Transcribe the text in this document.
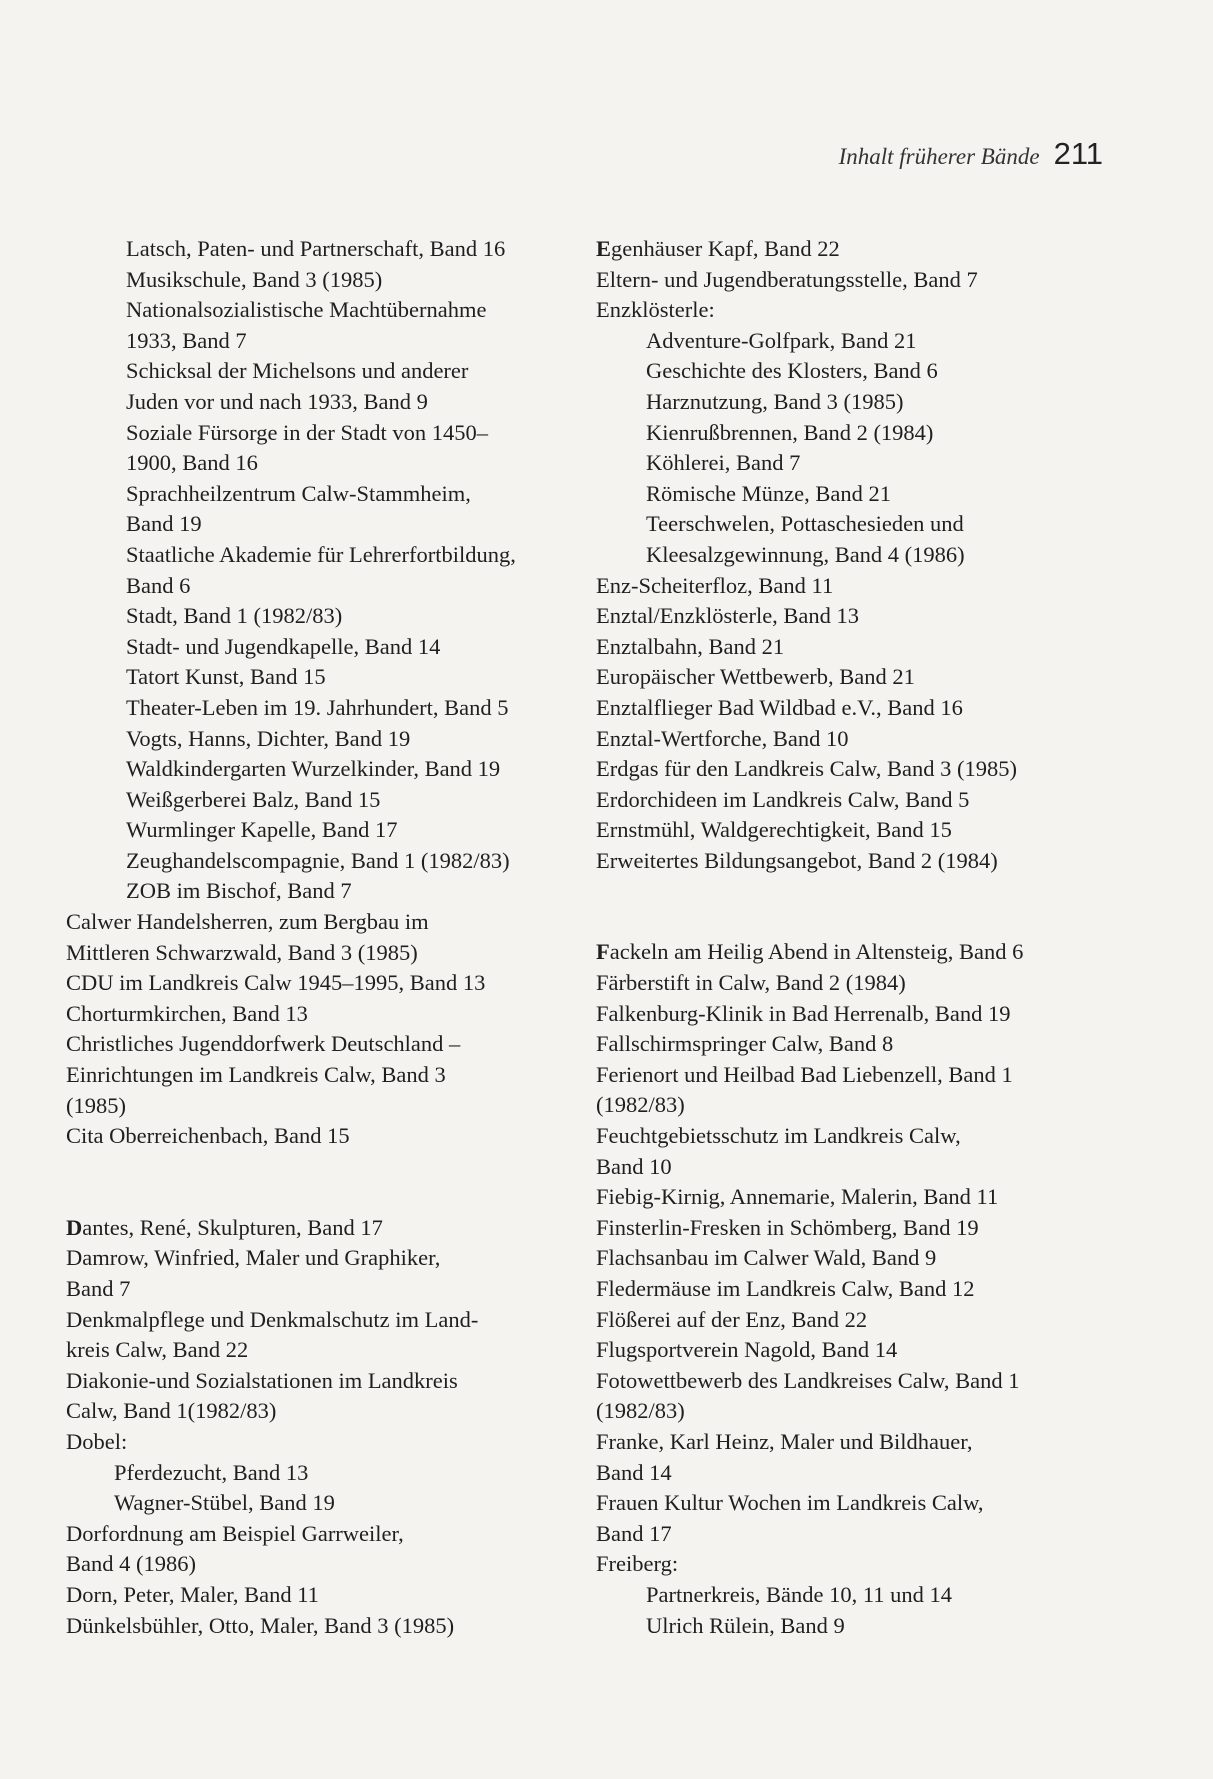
Inhalt früherer Bände 211
Latsch, Paten- und Partnerschaft, Band 16
Musikschule, Band 3 (1985)
Nationalsozialistische Machtübernahme
1933, Band 7
Schicksal der Michelsons und anderer
Juden vor und nach 1933, Band 9
Soziale Fürsorge in der Stadt von 1450–
1900, Band 16
Sprachheilzentrum Calw-Stammheim,
Band 19
Staatliche Akademie für Lehrerfortbildung,
Band 6
Stadt, Band 1 (1982/83)
Stadt- und Jugendkapelle, Band 14
Tatort Kunst, Band 15
Theater-Leben im 19. Jahrhundert, Band 5
Vogts, Hanns, Dichter, Band 19
Waldkindergarten Wurzelkinder, Band 19
Weißgerberei Balz, Band 15
Wurmlinger Kapelle, Band 17
Zeughandelscompagnie, Band 1 (1982/83)
ZOB im Bischof, Band 7
Calwer Handelsherren, zum Bergbau im
Mittleren Schwarzwald, Band 3 (1985)
CDU im Landkreis Calw 1945–1995, Band 13
Chorturmkirchen, Band 13
Christliches Jugenddorfwerk Deutschland –
Einrichtungen im Landkreis Calw, Band 3
(1985)
Cita Oberreichenbach, Band 15
Dantes, René, Skulpturen, Band 17
Damrow, Winfried, Maler und Graphiker,
Band 7
Denkmalpflege und Denkmalschutz im Land-
kreis Calw, Band 22
Diakonie-und Sozialstationen im Landkreis
Calw, Band 1(1982/83)
Dobel:
Pferdezucht, Band 13
Wagner-Stübel, Band 19
Dorfordnung am Beispiel Garrweiler,
Band 4 (1986)
Dorn, Peter, Maler, Band 11
Dünkelsbühler, Otto, Maler, Band 3 (1985)
Egenhäuser Kapf, Band 22
Eltern- und Jugendberatungsstelle, Band 7
Enzklösterle:
Adventure-Golfpark, Band 21
Geschichte des Klosters, Band 6
Harznutzung, Band 3 (1985)
Kienrußbrennen, Band 2 (1984)
Köhlerei, Band 7
Römische Münze, Band 21
Teerschwelen, Pottaschesieden und
Kleesalzgewinnung, Band 4 (1986)
Enz-Scheiterfloz, Band 11
Enztal/Enzklösterle, Band 13
Enztalbahn, Band 21
Europäischer Wettbewerb, Band 21
Enztalflieger Bad Wildbad e.V., Band 16
Enztal-Wertforche, Band 10
Erdgas für den Landkreis Calw, Band 3 (1985)
Erdorchideen im Landkreis Calw, Band 5
Ernstmühl, Waldgerechtigkeit, Band 15
Erweitertes Bildungsangebot, Band 2 (1984)
Fackeln am Heilig Abend in Altensteig, Band 6
Färberstift in Calw, Band 2 (1984)
Falkenburg-Klinik in Bad Herrenalb, Band 19
Fallschirmspringer Calw, Band 8
Ferienort und Heilbad Bad Liebenzell, Band 1
(1982/83)
Feuchtgebietsschutz im Landkreis Calw,
Band 10
Fiebig-Kirnig, Annemarie, Malerin, Band 11
Finsterlin-Fresken in Schömberg, Band 19
Flachsanbau im Calwer Wald, Band 9
Fledermäuse im Landkreis Calw, Band 12
Flößerei auf der Enz, Band 22
Flugsportverein Nagold, Band 14
Fotowettbewerb des Landkreises Calw, Band 1
(1982/83)
Franke, Karl Heinz, Maler und Bildhauer,
Band 14
Frauen Kultur Wochen im Landkreis Calw,
Band 17
Freiberg:
Partnerkreis, Bände 10, 11 und 14
Ulrich Rülein, Band 9
